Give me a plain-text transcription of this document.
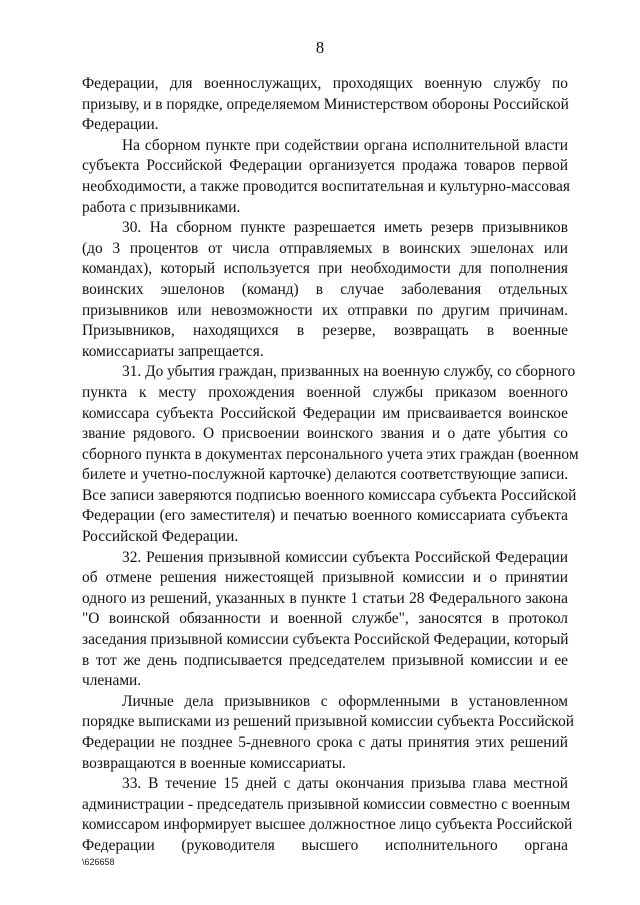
8
Федерации, для военнослужащих, проходящих военную службу по
призыву, и в порядке, определяемом Министерством обороны Российской
Федерации.
На сборном пункте при содействии органа исполнительной власти
субъекта Российской Федерации организуется продажа товаров первой
необходимости, а также проводится воспитательная и культурно-массовая
работа с призывниками.
30. На сборном пункте разрешается иметь резерв призывников
(до 3 процентов от числа отправляемых в воинских эшелонах или
командах), который используется при необходимости для пополнения
воинских эшелонов (команд) в случае заболевания отдельных
призывников или невозможности их отправки по другим причинам.
Призывников, находящихся в резерве, возвращать в военные
комиссариаты запрещается.
31. До убытия граждан, призванных на военную службу, со сборного
пункта к месту прохождения военной службы приказом военного
комиссара субъекта Российской Федерации им присваивается воинское
звание рядового. О присвоении воинского звания и о дате убытия со
сборного пункта в документах персонального учета этих граждан (военном
билете и учетно-послужной карточке) делаются соответствующие записи.
Все записи заверяются подписью военного комиссара субъекта Российской
Федерации (его заместителя) и печатью военного комиссариата субъекта
Российской Федерации.
32. Решения призывной комиссии субъекта Российской Федерации
об отмене решения нижестоящей призывной комиссии и о принятии
одного из решений, указанных в пункте 1 статьи 28 Федерального закона
"О воинской обязанности и военной службе", заносятся в протокол
заседания призывной комиссии субъекта Российской Федерации, который
в тот же день подписывается председателем призывной комиссии и ее
членами.
Личные дела призывников с оформленными в установленном
порядке выписками из решений призывной комиссии субъекта Российской
Федерации не позднее 5-дневного срока с даты принятия этих решений
возвращаются в военные комиссариаты.
33. В течение 15 дней с даты окончания призыва глава местной
администрации - председатель призывной комиссии совместно с военным
комиссаром информирует высшее должностное лицо субъекта Российской
Федерации (руководителя высшего исполнительного органа
\626658
